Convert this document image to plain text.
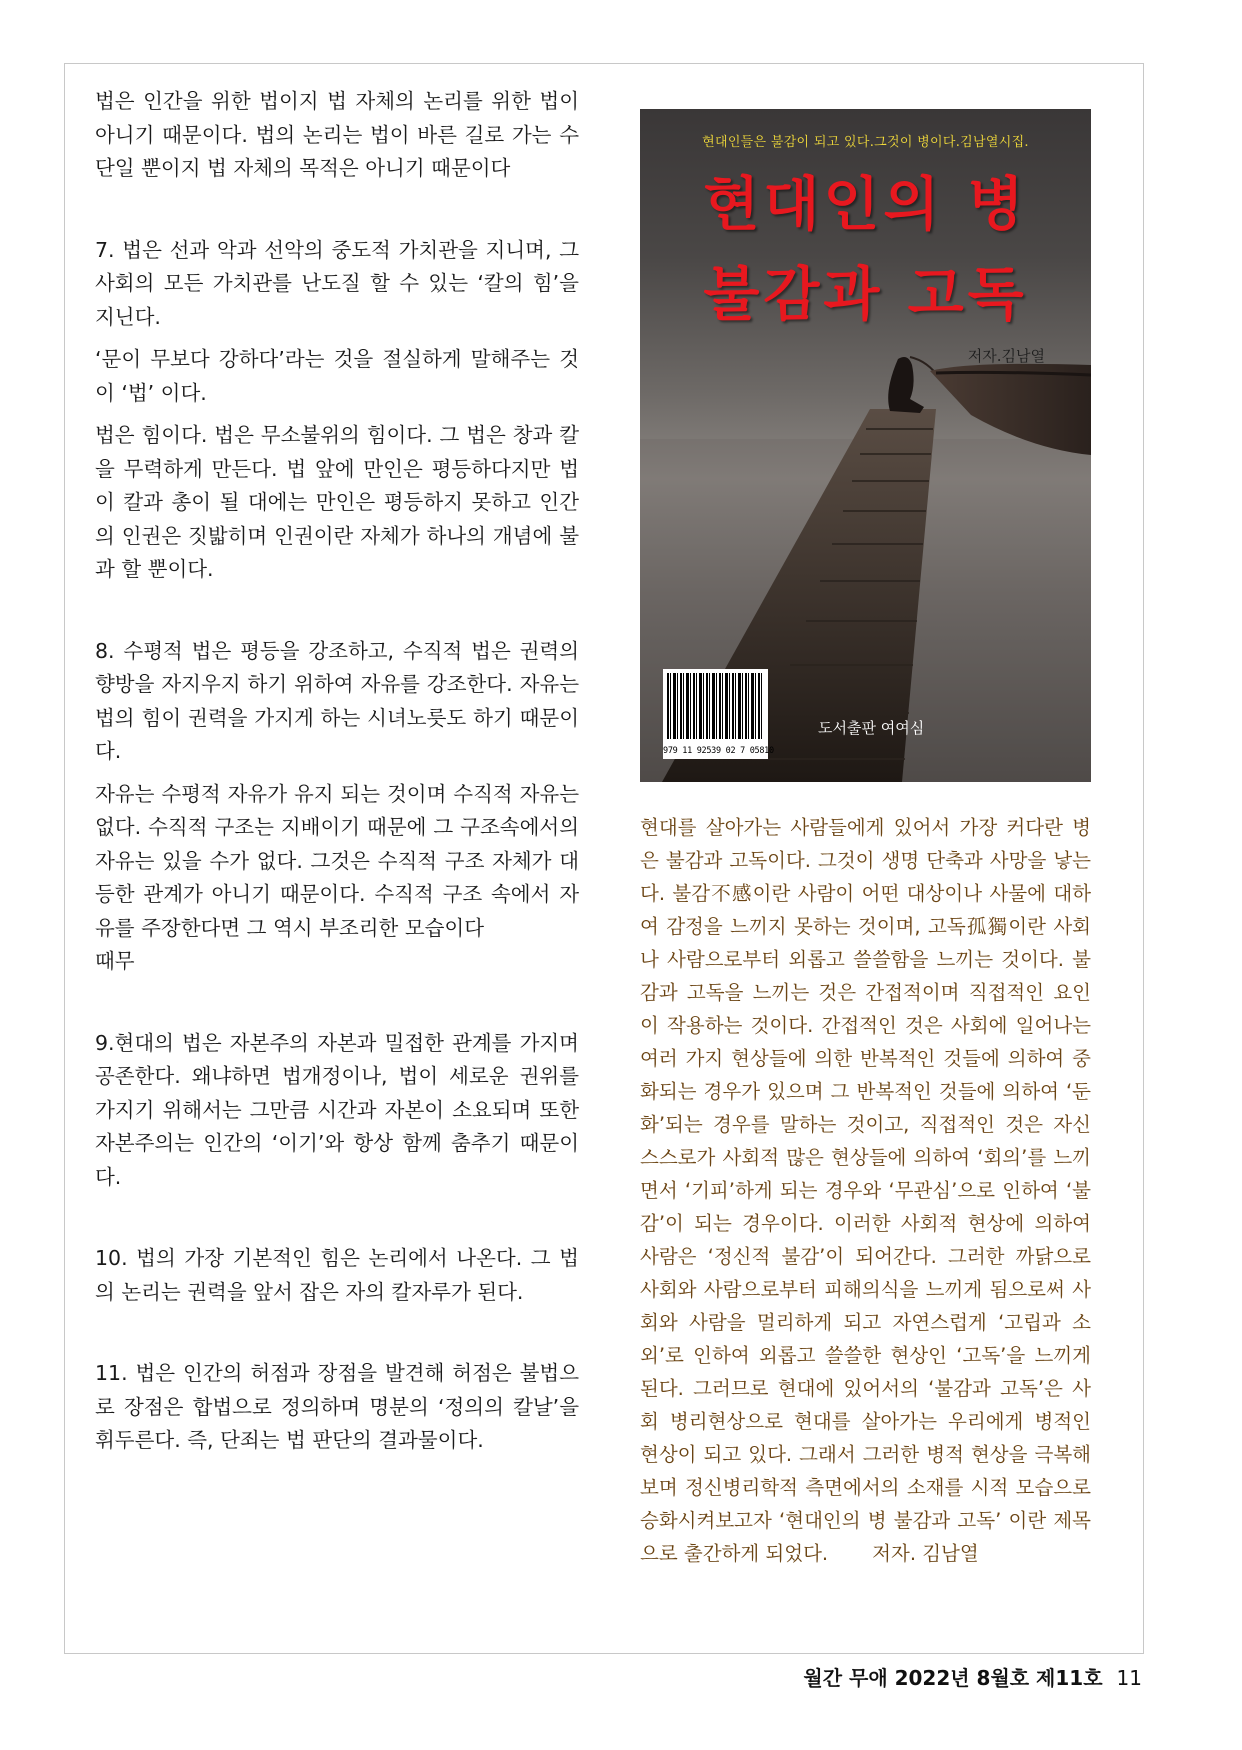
법은 인간을 위한 법이지 법 자체의 논리를 위한 법이 아니기 때문이다. 법의 논리는 법이 바른 길로 가는 수단일 뿐이지 법 자체의 목적은 아니기 때문이다

7. 법은 선과 악과 선악의 중도적 가치관을 지니며, 그 사회의 모든 가치관를 난도질 할 수 있는 ‘칼의 힘’을 지닌다.

‘문이 무보다 강하다’라는 것을 절실하게 말해주는 것이 ‘법’ 이다.

법은 힘이다. 법은 무소불위의 힘이다. 그 법은 창과 칼을 무력하게 만든다. 법 앞에 만인은 평등하다지만 법이 칼과 총이 될 대에는 만인은 평등하지 못하고 인간의 인권은 짓밟히며 인권이란 자체가 하나의 개념에 불과 할 뿐이다.

8. 수평적 법은 평등을 강조하고, 수직적 법은 권력의 향방을 자지우지 하기 위하여 자유를 강조한다. 자유는 법의 힘이 권력을 가지게 하는 시녀노릇도 하기 때문이다.

자유는 수평적 자유가 유지 되는 것이며 수직적 자유는 없다. 수직적 구조는 지배이기 때문에 그 구조속에서의 자유는 있을 수가 없다. 그것은 수직적 구조 자체가 대등한 관계가 아니기 때문이다. 수직적 구조 속에서 자유를 주장한다면 그 역시 부조리한 모습이다

때무

9.현대의 법은 자본주의 자본과 밀접한 관계를 가지며 공존한다. 왜냐하면 법개정이나, 법이 세로운 권위를 가지기 위해서는 그만큼 시간과 자본이 소요되며 또한 자본주의는 인간의 ‘이기’와 항상 함께 춤추기 때문이다.

10. 법의 가장 기본적인 힘은 논리에서 나온다. 그 법의 논리는 권력을 앞서 잡은 자의 칼자루가 된다.

11. 법은 인간의 허점과 장점을 발견해 허점은 불법으로 장점은 합법으로 정의하며 명분의 ‘정의의 칼날’을 휘두른다. 즉, 단죄는 법 판단의 결과물이다.

현대인들은 불감이 되고 있다.그것이 병이다.김남열시집.
현대인의 병
불감과 고독
저자.김남열
979 11 92539 02 7 05810
도서출판 여여심

현대를 살아가는 사람들에게 있어서 가장 커다란 병은 불감과 고독이다. 그것이 생명 단축과 사망을 낳는다. 불감不感이란 사람이 어떤 대상이나 사물에 대하여 감정을 느끼지 못하는 것이며, 고독孤獨이란 사회나 사람으로부터 외롭고 쓸쓸함을 느끼는 것이다. 불감과 고독을 느끼는 것은 간접적이며 직접적인 요인이 작용하는 것이다. 간접적인 것은 사회에 일어나는 여러 가지 현상들에 의한 반복적인 것들에 의하여 중화되는 경우가 있으며 그 반복적인 것들에 의하여 ‘둔화’되는 경우를 말하는 것이고, 직접적인 것은 자신 스스로가 사회적 많은 현상들에 의하여 ‘회의’를 느끼면서 ‘기피’하게 되는 경우와 ‘무관심’으로 인하여 ‘불감’이 되는 경우이다. 이러한 사회적 현상에 의하여 사람은 ‘정신적 불감’이 되어간다. 그러한 까닭으로 사회와 사람으로부터 피해의식을 느끼게 됨으로써 사회와 사람을 멀리하게 되고 자연스럽게 ‘고립과 소외’로 인하여 외롭고 쓸쓸한 현상인 ‘고독’을 느끼게 된다. 그러므로 현대에 있어서의 ‘불감과 고독’은 사회 병리현상으로 현대를 살아가는 우리에게 병적인 현상이 되고 있다. 그래서 그러한 병적 현상을 극복해보며 정신병리학적 측면에서의 소재를 시적 모습으로 승화시켜보고자 ‘현대인의 병 불감과 고독’ 이란 제목으로 출간하게 되었다. 저자. 김남열

월간 무애 2022년 8월호 제11호 11
